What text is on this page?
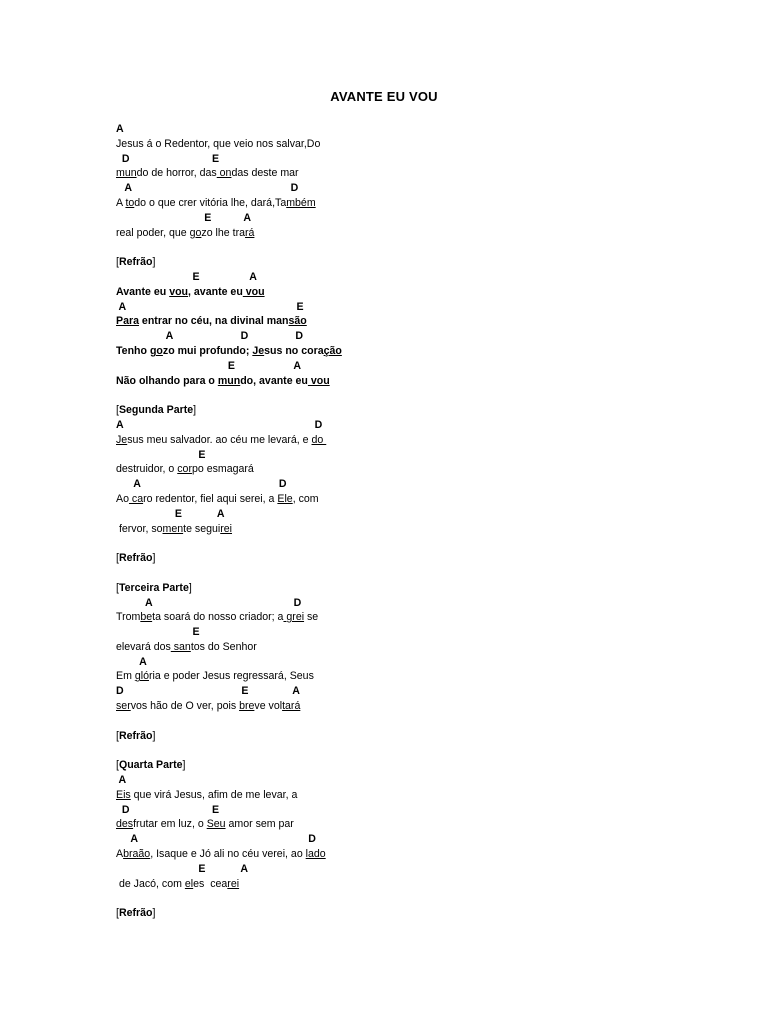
AVANTE EU VOU
A
Jesus á o Redentor, que veio nos salvar,Do
D                            E
mundo de horror, das ondas deste mar
A                                                      D
A todo o que crer vitória lhe, dará,Também
E           A
real poder, que gozo lhe trará
[Refrão]
E                 A
Avante eu vou, avante eu vou
A                                                          E
Para entrar no céu, na divinal mansão
A                       D                D
Tenho gozo mui profundo; Jesus no coração
E                    A
Não olhando para o mundo, avante eu vou
[Segunda Parte]
A                                                                 D
Jesus meu salvador. ao céu me levará, e do
E
destruidor, o corpo esmagará
A                                               D
Ao caro redentor, fiel aqui serei, a Ele, com
E            A
fervor, somente seguirei
[Refrão]
[Terceira Parte]
A                                                D
Trombeta soará do nosso criador; a grei se
E
elevará dos santos do Senhor
A
Em glória e poder Jesus regressará, Seus
D                                        E               A
servos hão de O ver, pois breve voltará
[Refrão]
[Quarta Parte]
A
Eis que virá Jesus, afim de me levar, a
D                            E
desfrutar em luz, o Seu amor sem par
A                                                          D
Abraão, Isaque e Jó ali no céu verei, ao lado
E            A
de Jacó, com eles  cearei
[Refrão]
